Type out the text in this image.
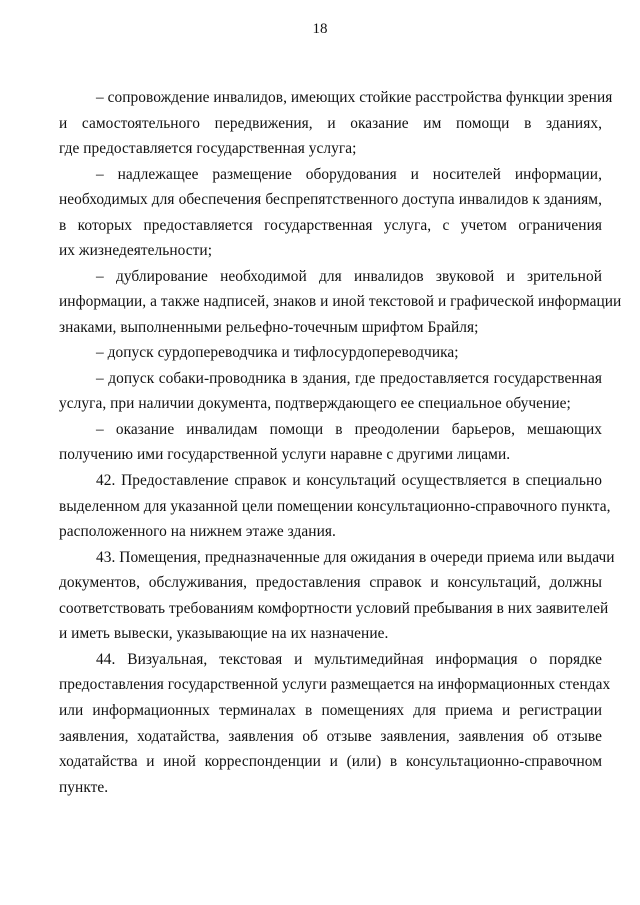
18
– сопровождение инвалидов, имеющих стойкие расстройства функции зрения
и самостоятельного передвижения, и оказание им помощи в зданиях,
где предоставляется государственная услуга;
– надлежащее размещение оборудования и носителей информации,
необходимых для обеспечения беспрепятственного доступа инвалидов к зданиям,
в которых предоставляется государственная услуга, с учетом ограничения
их жизнедеятельности;
– дублирование необходимой для инвалидов звуковой и зрительной
информации, а также надписей, знаков и иной текстовой и графической информации
знаками, выполненными рельефно-точечным шрифтом Брайля;
– допуск сурдопереводчика и тифлосурдопереводчика;
– допуск собаки-проводника в здания, где предоставляется государственная
услуга, при наличии документа, подтверждающего ее специальное обучение;
– оказание инвалидам помощи в преодолении барьеров, мешающих
получению ими государственной услуги наравне с другими лицами.
42. Предоставление справок и консультаций осуществляется в специально
выделенном для указанной цели помещении консультационно-справочного пункта,
расположенного на нижнем этаже здания.
43. Помещения, предназначенные для ожидания в очереди приема или выдачи
документов, обслуживания, предоставления справок и консультаций, должны
соответствовать требованиям комфортности условий пребывания в них заявителей
и иметь вывески, указывающие на их назначение.
44. Визуальная, текстовая и мультимедийная информация о порядке
предоставления государственной услуги размещается на информационных стендах
или информационных терминалах в помещениях для приема и регистрации
заявления, ходатайства, заявления об отзыве заявления, заявления об отзыве
ходатайства и иной корреспонденции и (или) в консультационно-справочном
пункте.
